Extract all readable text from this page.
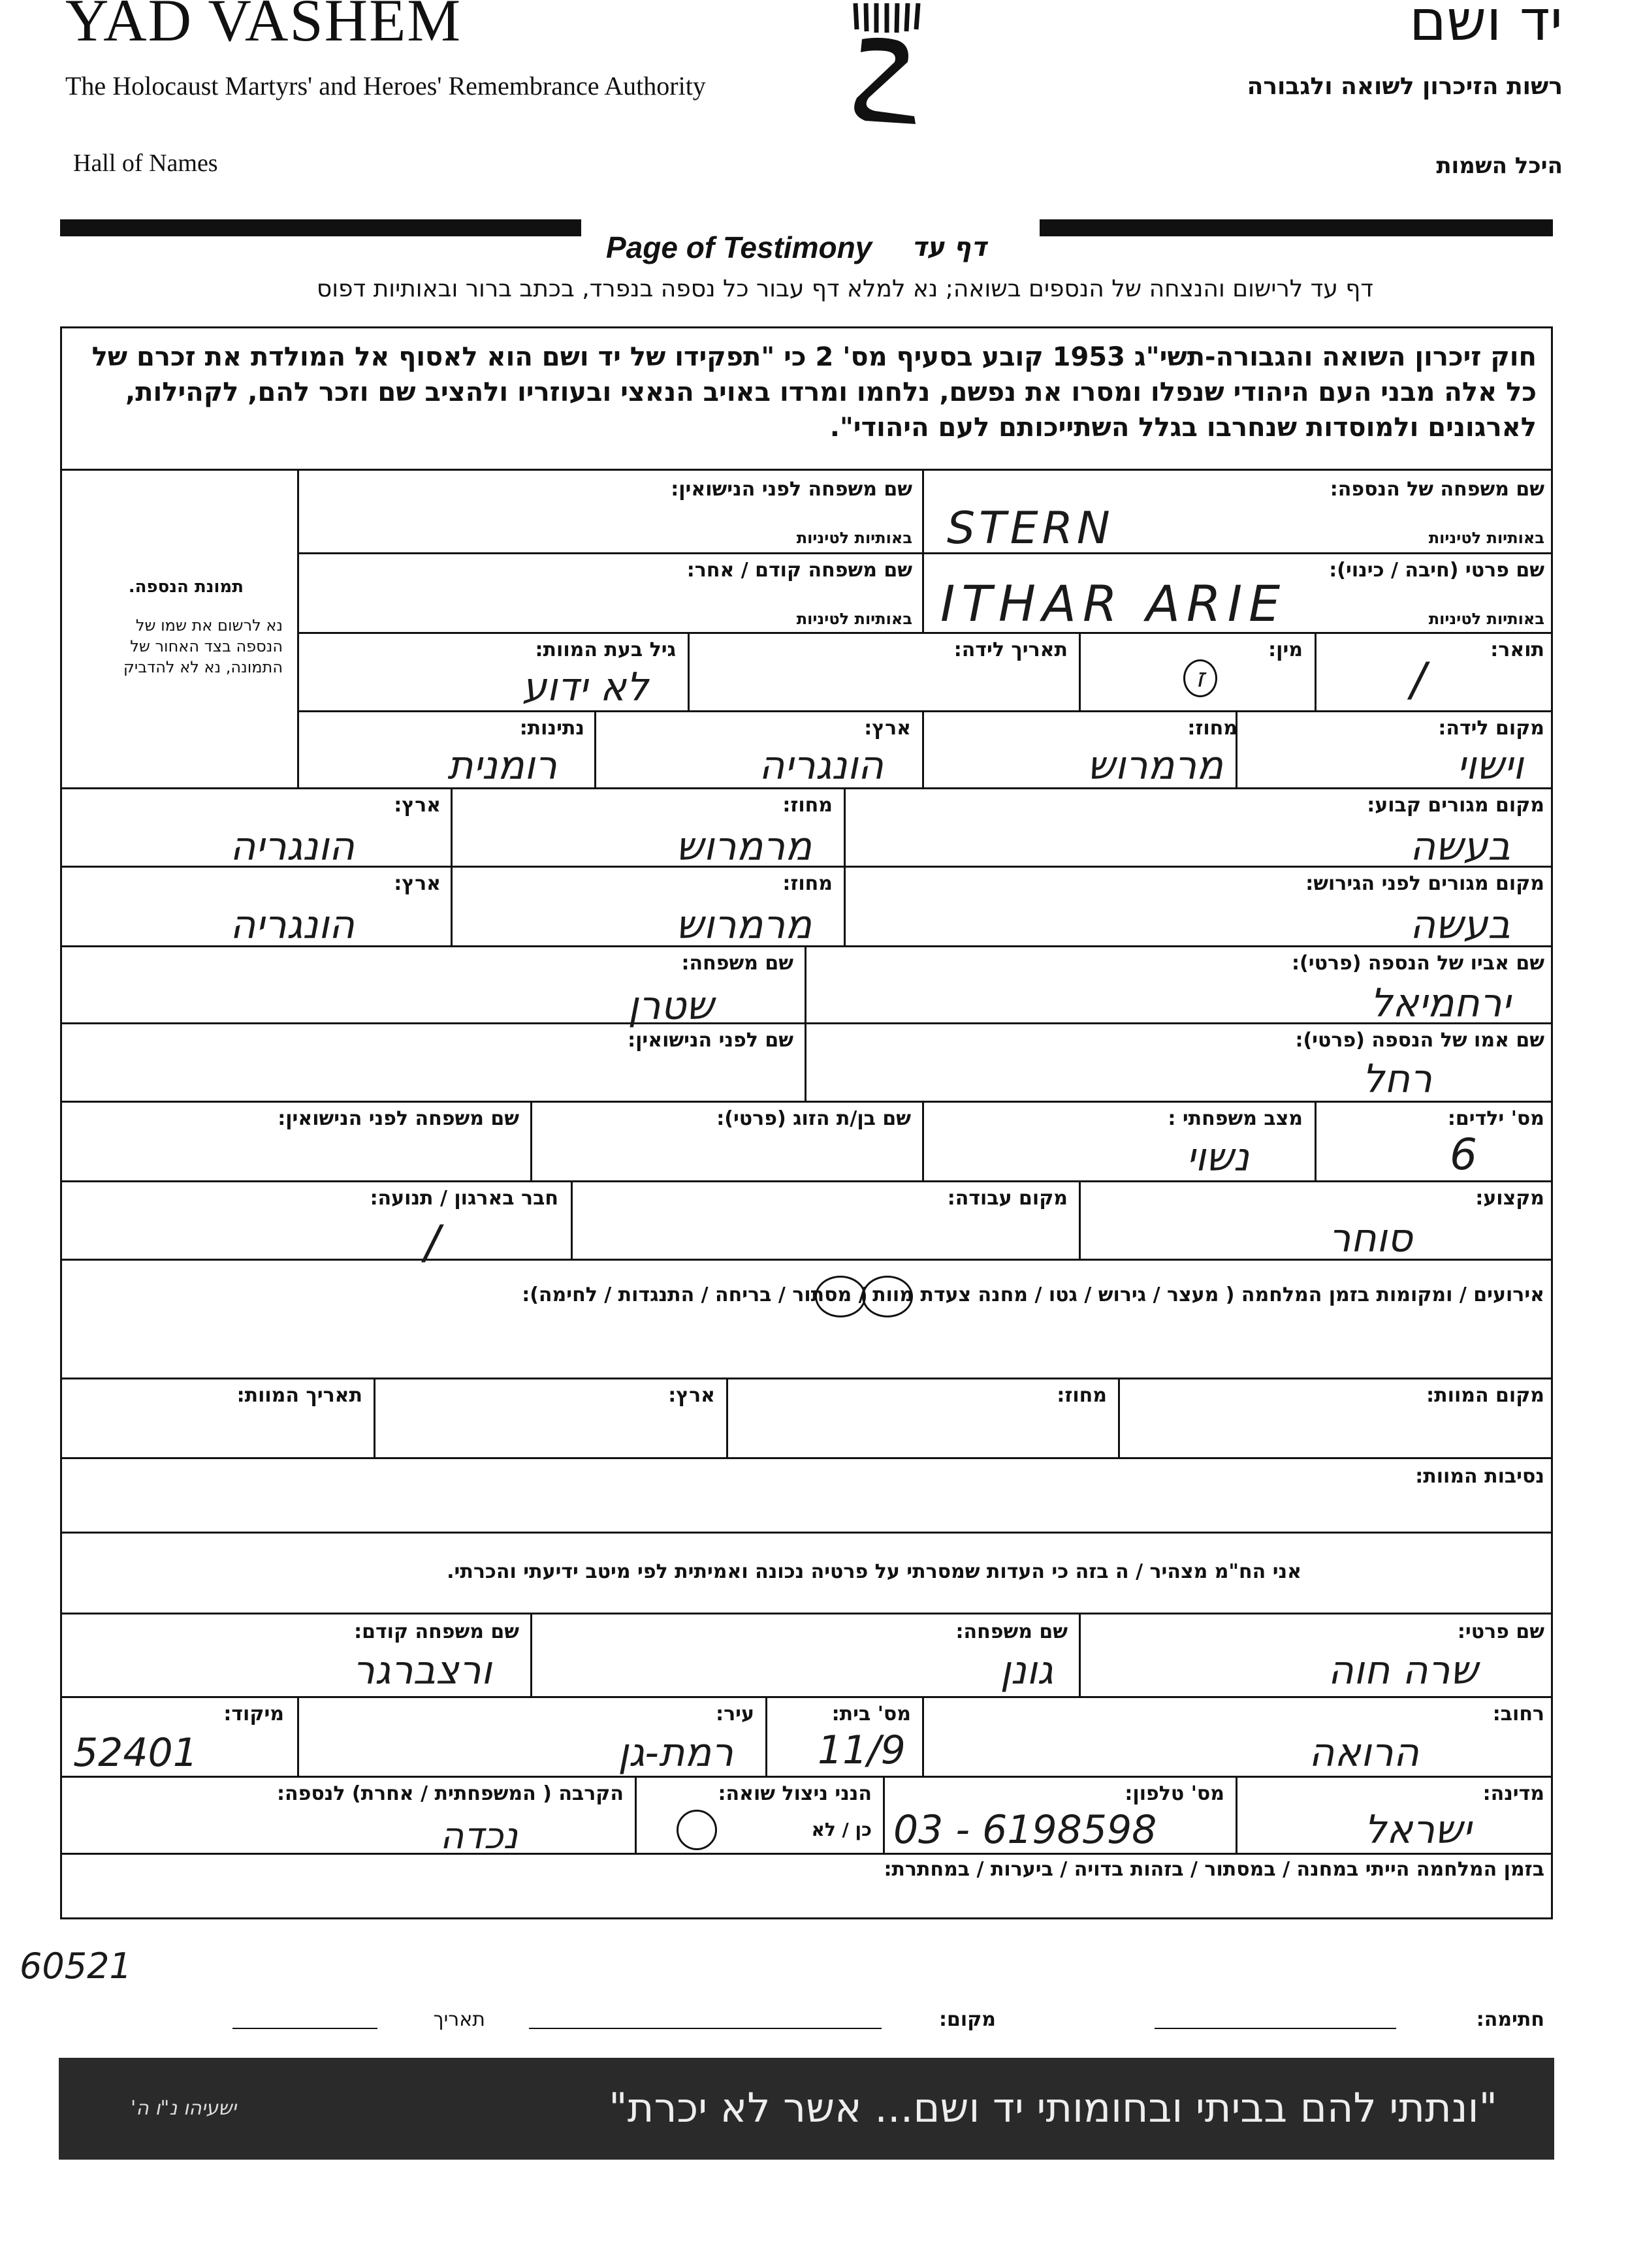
YAD VASHEM
The Holocaust Martyrs' and Heroes' Remembrance Authority
Hall of Names
יד ושם
רשות הזיכרון לשואה ולגבורה
היכל השמות
Page of Testimony דף עד
דף עד לרישום והנצחה של הנספים בשואה; נא למלא דף עבור כל נספה בנפרד, בכתב ברור ובאותיות דפוס
חוק זיכרון השואה והגבורה-תשי"ג 1953 קובע בסעיף מס' 2 כי "תפקידו של יד ושם הוא לאסוף אל המולדת את זכרם של
כל אלה מבני העם היהודי שנפלו ומסרו את נפשם, נלחמו ומרדו באויב הנאצי ובעוזריו ולהציב שם וזכר להם, לקהילות,
לארגונים ולמוסדות שנחרבו בגלל השתייכותם לעם היהודי".
תמונת הנספה.
נא לרשום את שמו של
הנספה בצד האחור של
התמונה, נא לא להדביק
שם משפחה של הנספה:
באותיות לטיניות
STERN
שם משפחה לפני הנישואין:
באותיות לטיניות
שם פרטי (חיבה / כינוי):
באותיות לטיניות
ITHAR ARIE
שם משפחה קודם / אחר:
באותיות לטיניות
תואר:
/
מין:
ז
תאריך לידה:
גיל בעת המוות:
לא ידוע
מקום לידה:
וישוי
מחוז:
מרמרוש
ארץ:
הונגריה
נתינות:
רומנית
מקום מגורים קבוע:
בעשה
מחוז:
מרמרוש
ארץ:
הונגריה
מקום מגורים לפני הגירוש:
בעשה
מחוז:
מרמרוש
ארץ:
הונגריה
שם אביו של הנספה (פרטי):
ירחמיאל
שם משפחה:
שטרן
שם אמו של הנספה (פרטי):
רחל
שם לפני הנישואין:
מס' ילדים:
6
מצב משפחתי :
נשוי
שם בן/ת הזוג (פרטי):
שם משפחה לפני הנישואין:
מקצוע:
סוחר
מקום עבודה:
חבר בארגון / תנועה:
/
אירועים / ומקומות בזמן המלחמה ( מעצר / גירוש / גטו / מחנה צעדת מוות / מסתור / בריחה / התנגדות / לחימה):
מקום המוות:
מחוז:
ארץ:
תאריך המוות:
נסיבות המוות:
אני הח"מ מצהיר / ה בזה כי העדות שמסרתי על פרטיה נכונה ואמיתית לפי מיטב ידיעתי והכרתי.
שם פרטי:
שרה חוה
שם משפחה:
גונן
שם משפחה קודם:
ורצברגר
רחוב:
הרואה
מס' בית:
11/9
עיר:
רמת-גן
מיקוד:
52401
מדינה:
ישראל
מס' טלפון:
03 - 6198598
הנני ניצול שואה:
כן / לא
הקרבה ( המשפחתית / אחרת) לנספה:
נכדה
בזמן המלחמה הייתי במחנה / במסתור / בזהות בדויה / ביערות / במחתרת:
60521
חתימה:
מקום:
תאריך
"ונתתי להם בביתי ובחומותי יד ושם... אשר לא יכרת"
ישעיהו נ"ו ה'
